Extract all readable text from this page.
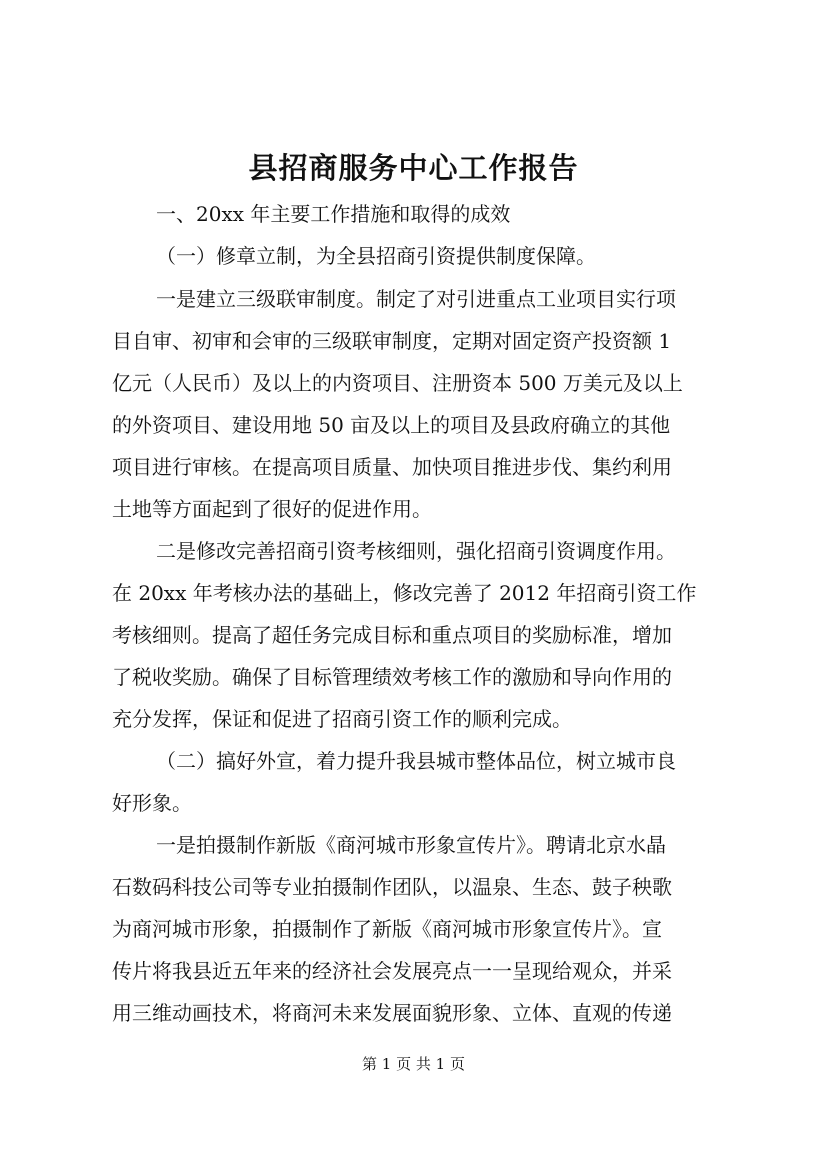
县招商服务中心工作报告
一、20xx 年主要工作措施和取得的成效
（一）修章立制，为全县招商引资提供制度保障。
一是建立三级联审制度。制定了对引进重点工业项目实行项
目自审、初审和会审的三级联审制度，定期对固定资产投资额 1
亿元（人民币）及以上的内资项目、注册资本 500 万美元及以上
的外资项目、建设用地 50 亩及以上的项目及县政府确立的其他
项目进行审核。在提高项目质量、加快项目推进步伐、集约利用
土地等方面起到了很好的促进作用。
二是修改完善招商引资考核细则，强化招商引资调度作用。
在 20xx 年考核办法的基础上，修改完善了 2012 年招商引资工作
考核细则。提高了超任务完成目标和重点项目的奖励标准，增加
了税收奖励。确保了目标管理绩效考核工作的激励和导向作用的
充分发挥，保证和促进了招商引资工作的顺利完成。
（二）搞好外宣，着力提升我县城市整体品位，树立城市良
好形象。
一是拍摄制作新版《商河城市形象宣传片》。聘请北京水晶
石数码科技公司等专业拍摄制作团队，以温泉、生态、鼓子秧歌
为商河城市形象，拍摄制作了新版《商河城市形象宣传片》。宣
传片将我县近五年来的经济社会发展亮点一一呈现给观众，并采
用三维动画技术，将商河未来发展面貌形象、立体、直观的传递
第 1 页 共 1 页
